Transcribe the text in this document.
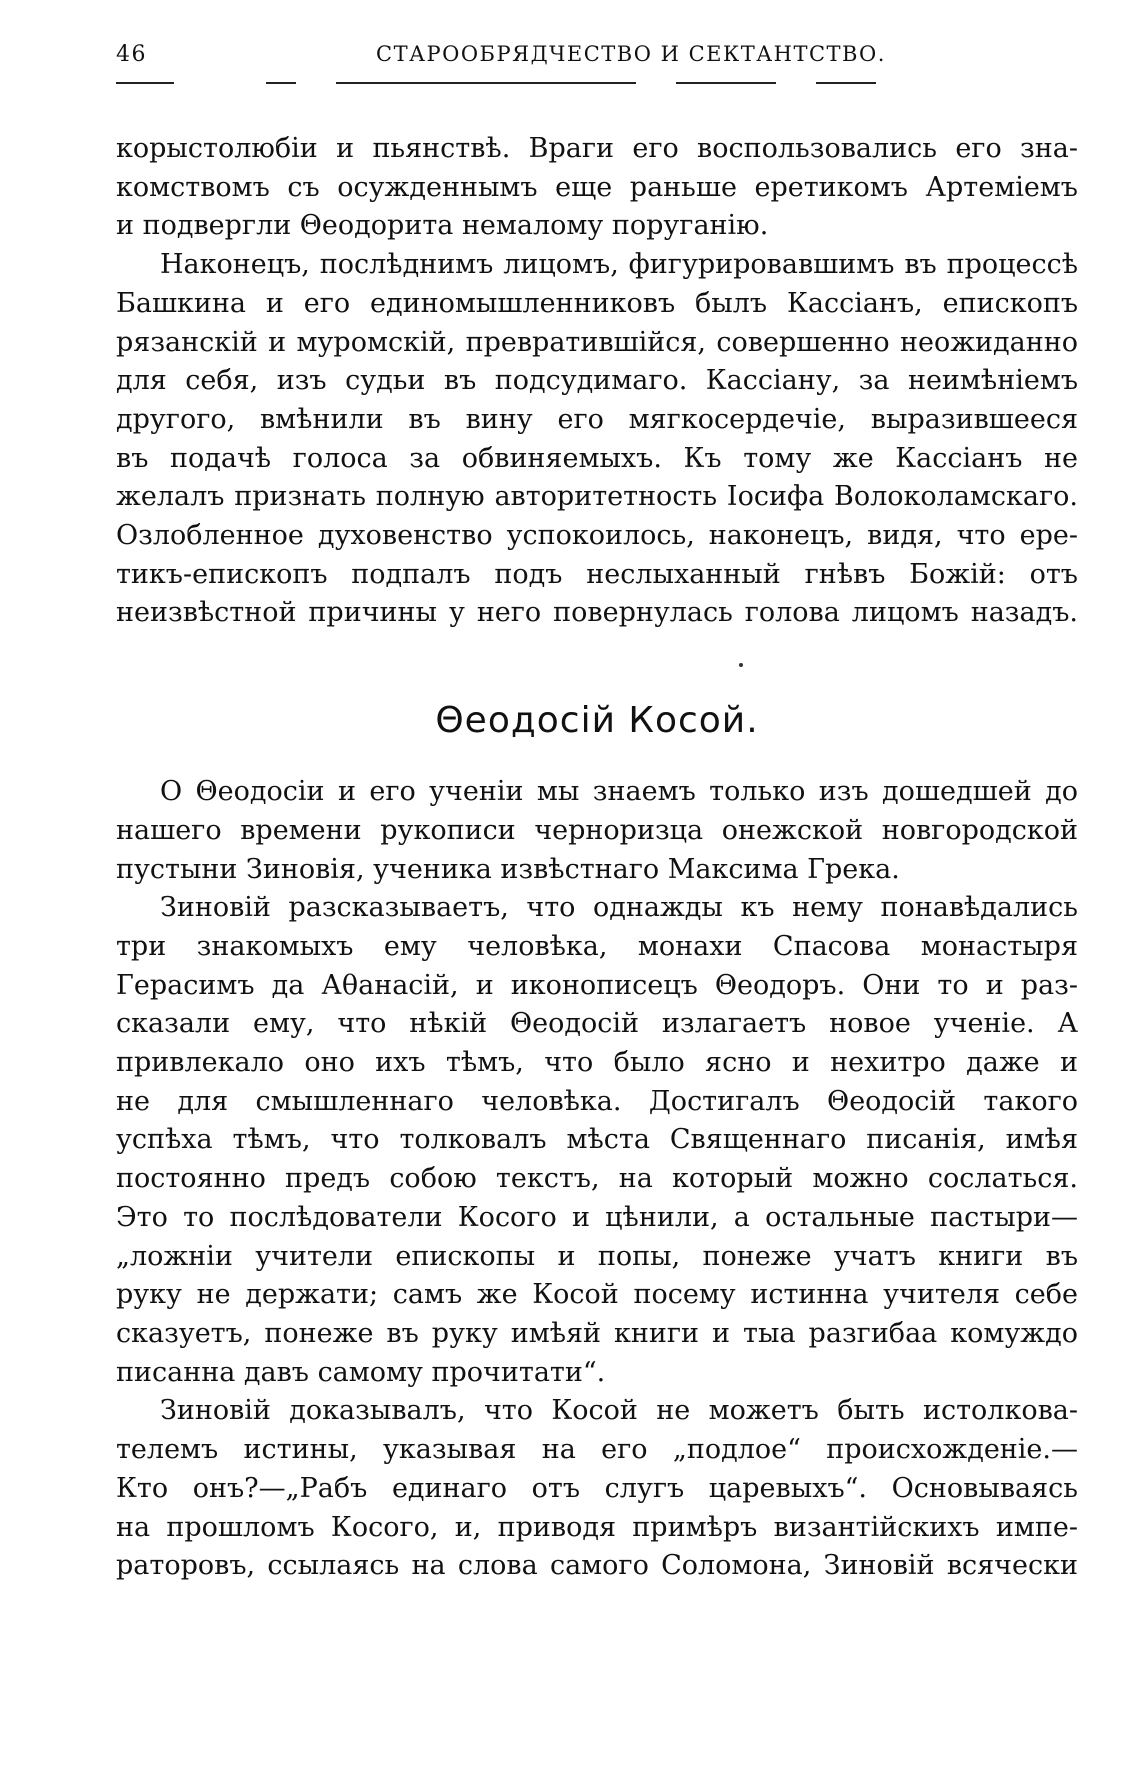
46	СТАРООБРЯДЧЕСТВО И СЕКТАНТСТВО.
корыстолюбіи и пьянствѣ. Враги его воспользовались его зна-
комствомъ съ осужденнымъ еще раньше еретикомъ Артеміемъ
и подвергли Θеодорита немалому поруганію.
Наконецъ, послѣднимъ лицомъ, фигурировавшимъ въ процессѣ
Башкина и его единомышленниковъ былъ Кассіанъ, епископъ
рязанскій и муромскій, превратившійся, совершенно неожиданно
для себя, изъ судьи въ подсудимаго. Кассіану, за неимѣніемъ
другого, вмѣнили въ вину его мягкосердечіе, выразившееся
въ подачѣ голоса за обвиняемыхъ. Къ тому же Кассіанъ не
желалъ признать полную авторитетность Іосифа Волоколамскаго.
Озлобленное духовенство успокоилось, наконецъ, видя, что ере-
тикъ-епископъ подпалъ подъ неслыханный гнѣвъ Божій: отъ
неизвѣстной причины у него повернулась голова лицомъ назадъ.
Θеодосій Косой.
О Θеодосіи и его ученіи мы знаемъ только изъ дошедшей до
нашего времени рукописи черноризца онежской новгородской
пустыни Зиновія, ученика извѣстнаго Максима Грека.
Зиновій разсказываетъ, что однажды къ нему понавѣдались
три знакомыхъ ему человѣка, монахи Спасова монастыря
Герасимъ да Аθанасій, и иконописецъ Θеодоръ. Они то и раз-
сказали ему, что нѣкій Θеодосій излагаетъ новое ученіе. А
привлекало оно ихъ тѣмъ, что было ясно и нехитро даже и
не для смышленнаго человѣка. Достигалъ Θеодосій такого
успѣха тѣмъ, что толковалъ мѣста Священнаго писанія, имѣя
постоянно предъ собою текстъ, на который можно сослаться.
Это то послѣдователи Косого и цѣнили, а остальные пастыри—
„ложніи учители епископы и попы, понеже учатъ книги въ
руку не держати; самъ же Косой посему истинна учителя себе
сказуетъ, понеже въ руку имѣяй книги и тыа разгибаа комуждо
писанна давъ самому прочитати“.
Зиновій доказывалъ, что Косой не можетъ быть истолкова-
телемъ истины, указывая на его „подлое“ происхожденіе.—
Кто онъ?—„Рабъ единаго отъ слугъ царевыхъ“. Основываясь
на прошломъ Косого, и, приводя примѣръ византійскихъ импе-
раторовъ, ссылаясь на слова самого Соломона, Зиновій всячески
